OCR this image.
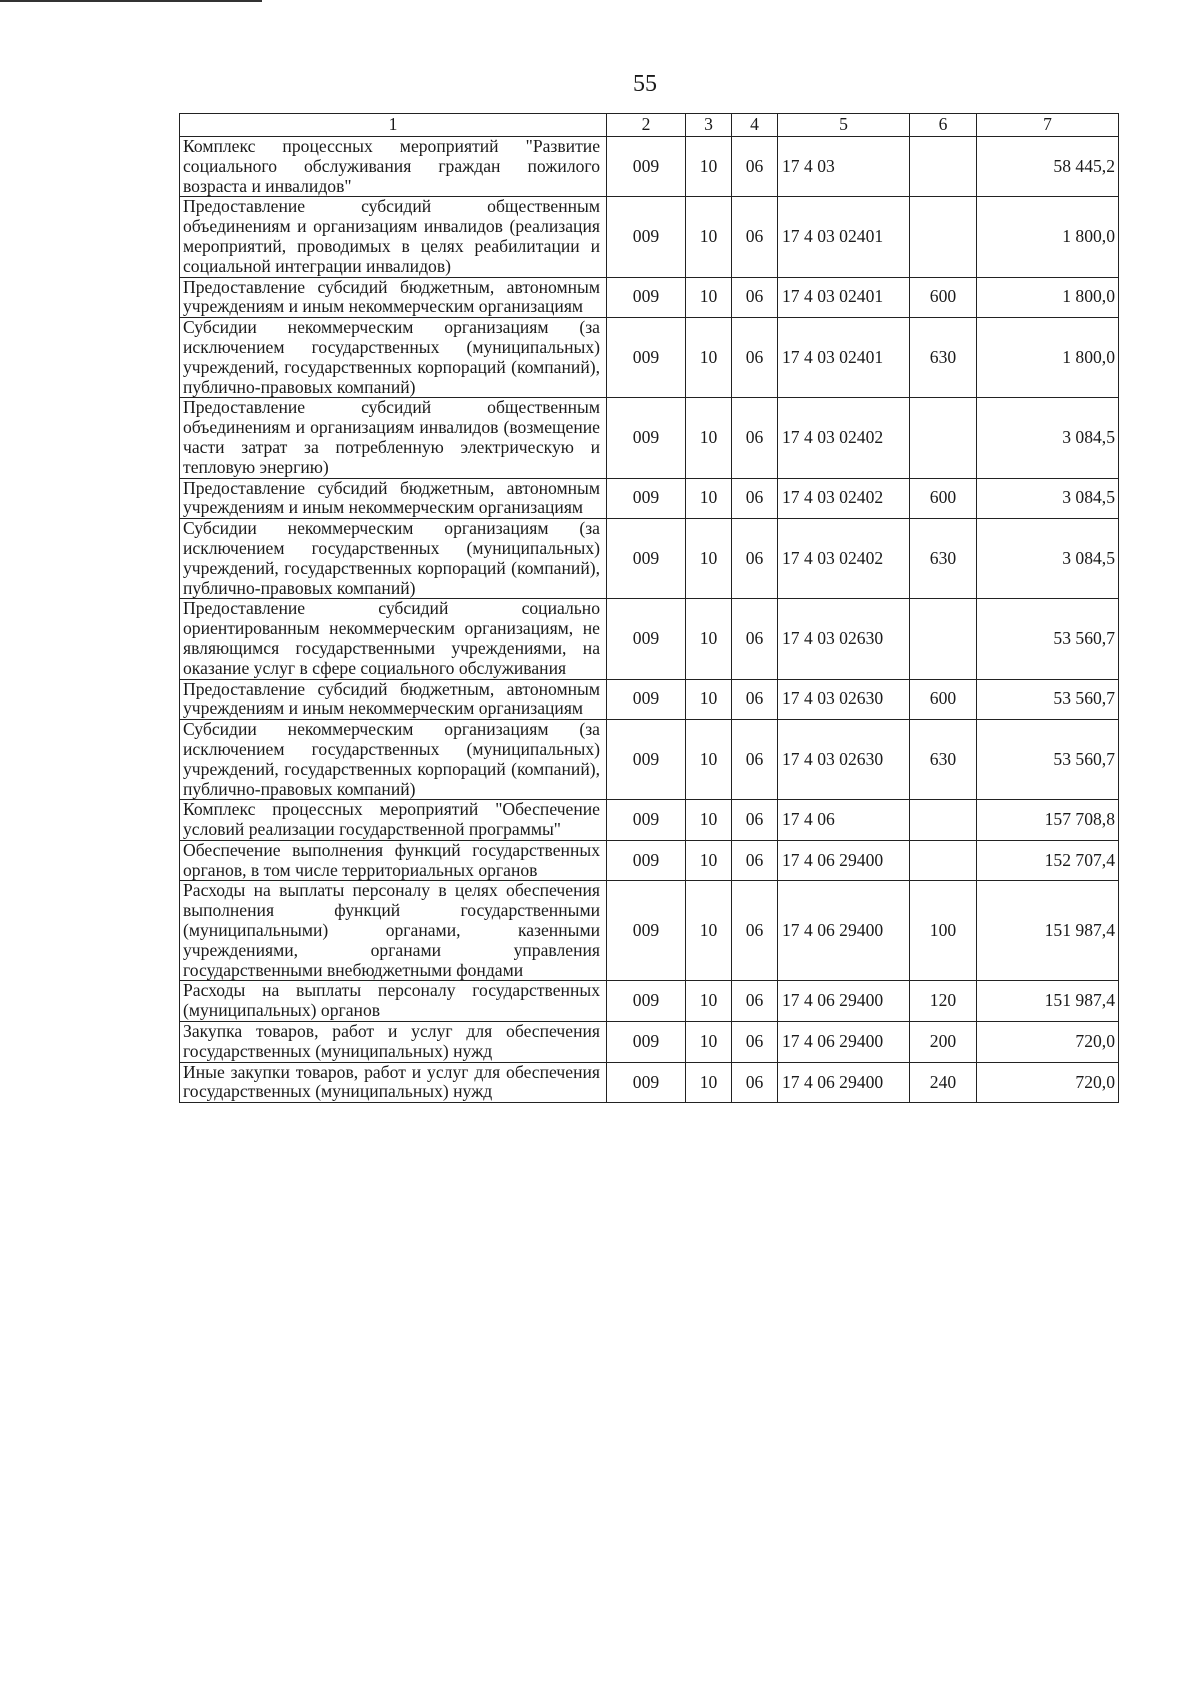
55
1	2	3	4	5	6	7
Комплекс процессных мероприятий "Развитие социального обслуживания граждан пожилого возраста и инвалидов"	009	10	06	17 4 03		58 445,2
Предоставление субсидий общественным объединениям и организациям инвалидов (реализация мероприятий, проводимых в целях реабилитации и социальной интеграции инвалидов)	009	10	06	17 4 03 02401		1 800,0
Предоставление субсидий бюджетным, автономным учреждениям и иным некоммерческим организациям	009	10	06	17 4 03 02401	600	1 800,0
Субсидии некоммерческим организациям (за исключением государственных (муниципальных) учреждений, государственных корпораций (компаний), публично-правовых компаний)	009	10	06	17 4 03 02401	630	1 800,0
Предоставление субсидий общественным объединениям и организациям инвалидов (возмещение части затрат за потребленную электрическую и тепловую энергию)	009	10	06	17 4 03 02402		3 084,5
Предоставление субсидий бюджетным, автономным учреждениям и иным некоммерческим организациям	009	10	06	17 4 03 02402	600	3 084,5
Субсидии некоммерческим организациям (за исключением государственных (муниципальных) учреждений, государственных корпораций (компаний), публично-правовых компаний)	009	10	06	17 4 03 02402	630	3 084,5
Предоставление субсидий социально ориентированным некоммерческим организациям, не являющимся государственными учреждениями, на оказание услуг в сфере социального обслуживания	009	10	06	17 4 03 02630		53 560,7
Предоставление субсидий бюджетным, автономным учреждениям и иным некоммерческим организациям	009	10	06	17 4 03 02630	600	53 560,7
Субсидии некоммерческим организациям (за исключением государственных (муниципальных) учреждений, государственных корпораций (компаний), публично-правовых компаний)	009	10	06	17 4 03 02630	630	53 560,7
Комплекс процессных мероприятий "Обеспечение условий реализации государственной программы"	009	10	06	17 4 06		157 708,8
Обеспечение выполнения функций государственных органов, в том числе территориальных органов	009	10	06	17 4 06 29400		152 707,4
Расходы на выплаты персоналу в целях обеспечения выполнения функций государственными (муниципальными) органами, казенными учреждениями, органами управления государственными внебюджетными фондами	009	10	06	17 4 06 29400	100	151 987,4
Расходы на выплаты персоналу государственных (муниципальных) органов	009	10	06	17 4 06 29400	120	151 987,4
Закупка товаров, работ и услуг для обеспечения государственных (муниципальных) нужд	009	10	06	17 4 06 29400	200	720,0
Иные закупки товаров, работ и услуг для обеспечения государственных (муниципальных) нужд	009	10	06	17 4 06 29400	240	720,0
